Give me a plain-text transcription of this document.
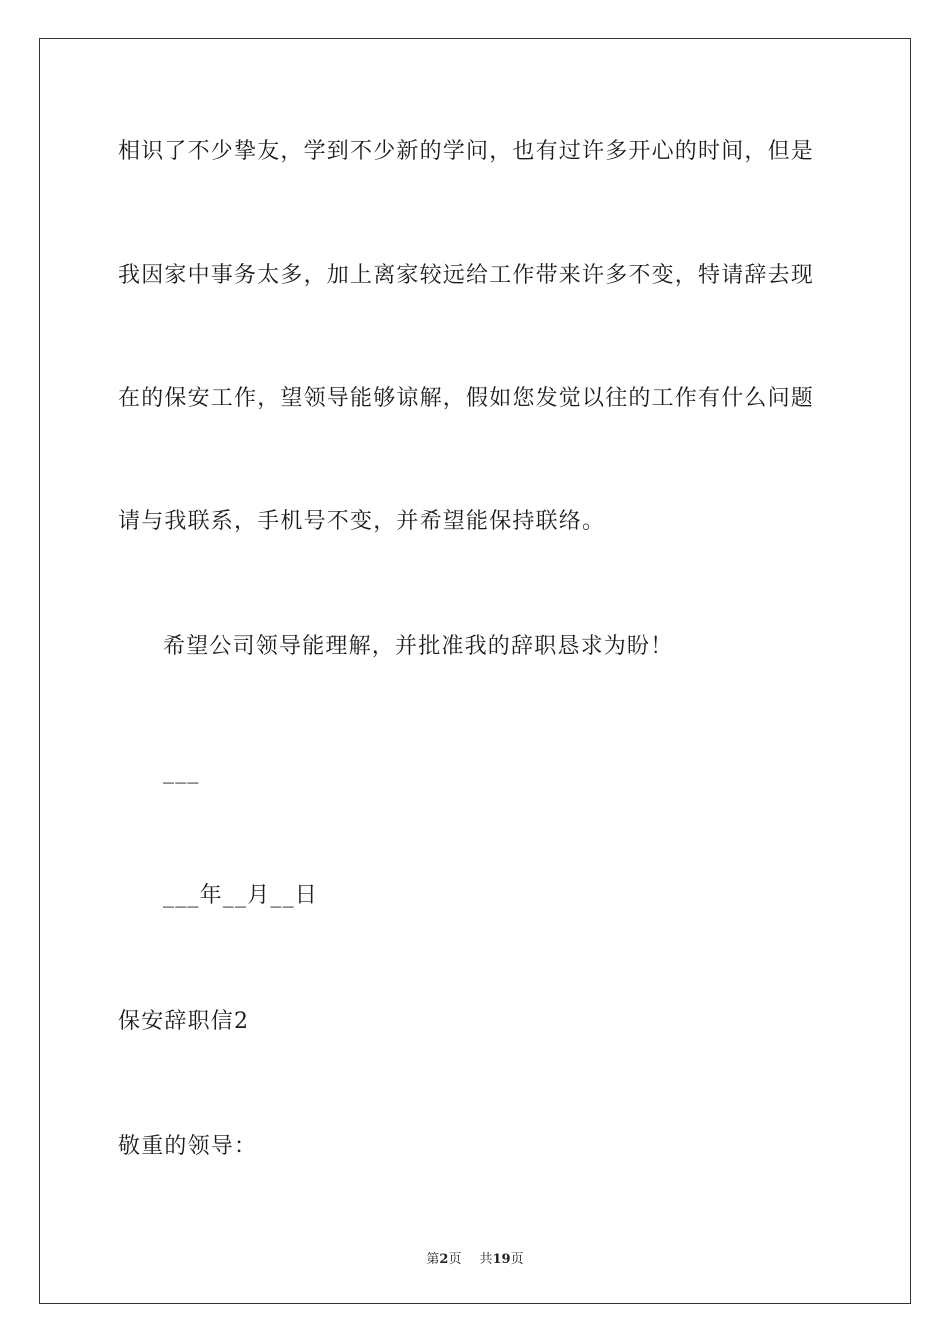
相识了不少挚友，学到不少新的学问，也有过许多开心的时间，但是
我因家中事务太多，加上离家较远给工作带来许多不变，特请辞去现
在的保安工作，望领导能够谅解，假如您发觉以往的工作有什么问题
请与我联系，手机号不变，并希望能保持联络。
希望公司领导能理解，并批准我的辞职恳求为盼！
___
___年__月__日
保安辞职信2
敬重的领导：
第2页 共19页
